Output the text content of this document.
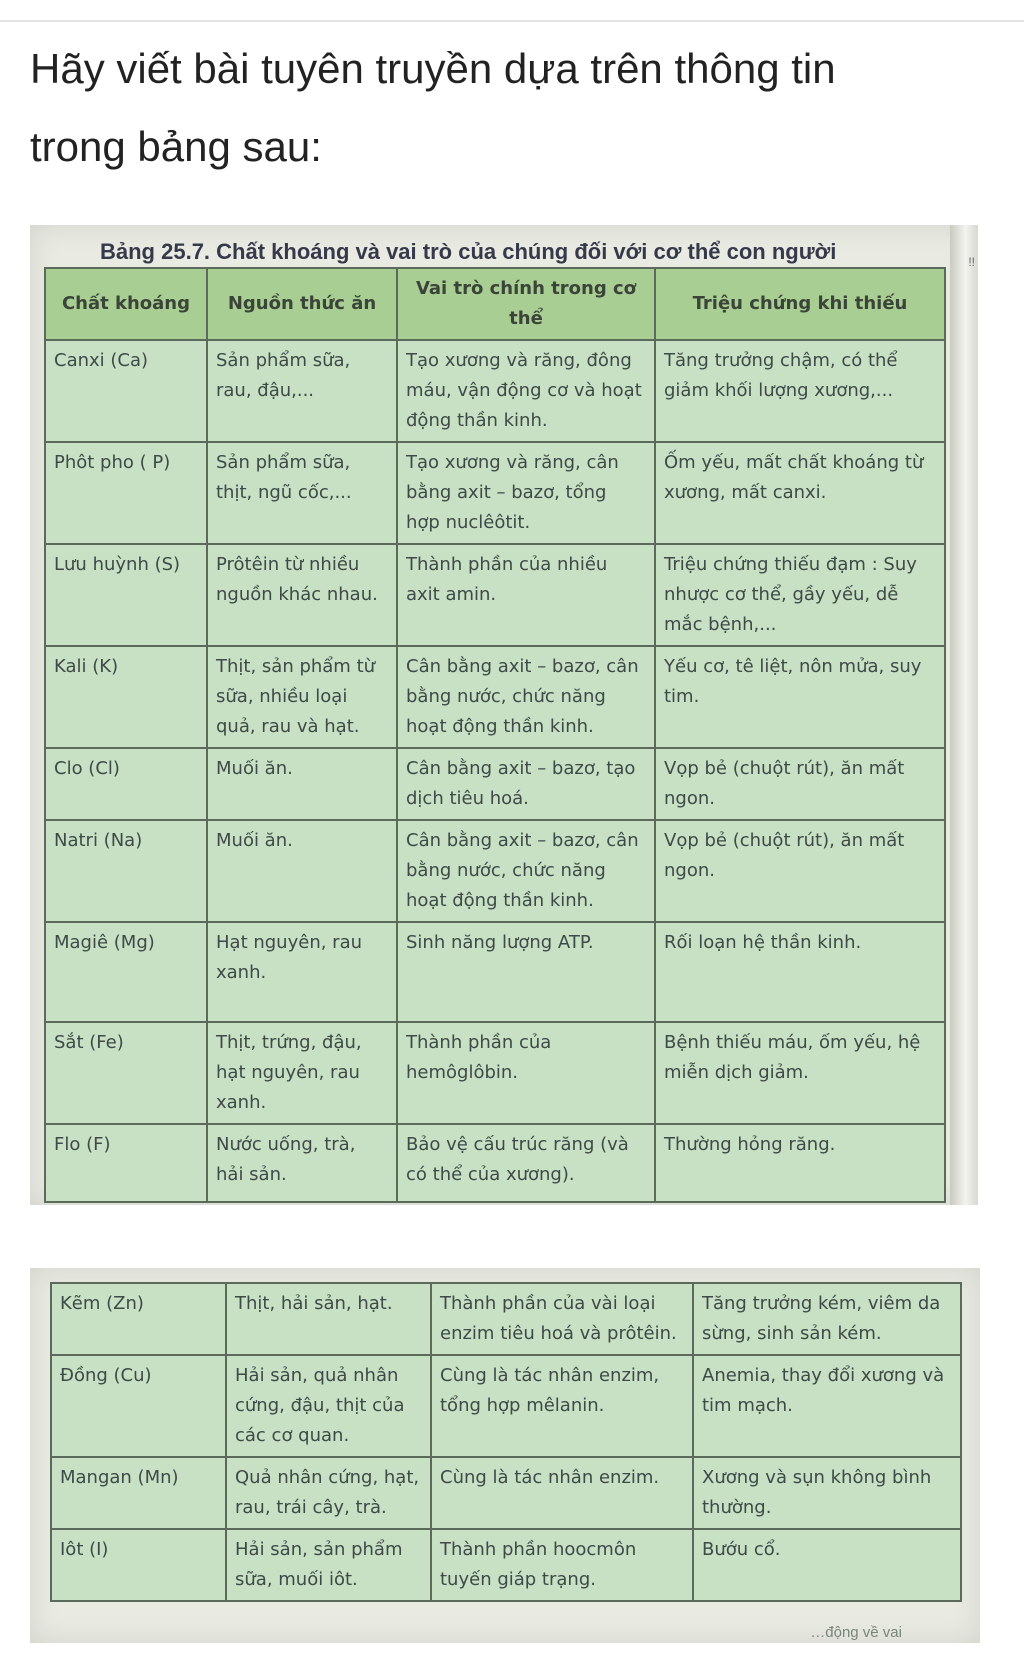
Hãy viết bài tuyên truyền dựa trên thông tin
trong bảng sau:
!!
Bảng 25.7. Chất khoáng và vai trò của chúng đối với cơ thể con người
Chất khoáng	Nguồn thức ăn	Vai trò chính trong cơ thể	Triệu chứng khi thiếu
Canxi (Ca)	Sản phẩm sữa, rau, đậu,...	Tạo xương và răng, đông máu, vận động cơ và hoạt động thần kinh.	Tăng trưởng chậm, có thể giảm khối lượng xương,...
Phôt pho ( P)	Sản phẩm sữa, thịt, ngũ cốc,...	Tạo xương và răng, cân bằng axit – bazơ, tổng hợp nuclêôtit.	Ốm yếu, mất chất khoáng từ xương, mất canxi.
Lưu huỳnh (S)	Prôtêin từ nhiều nguồn khác nhau.	Thành phần của nhiều axit amin.	Triệu chứng thiếu đạm : Suy nhược cơ thể, gầy yếu, dễ mắc bệnh,...
Kali (K)	Thịt, sản phẩm từ sữa, nhiều loại quả, rau và hạt.	Cân bằng axit – bazơ, cân bằng nước, chức năng hoạt động thần kinh.	Yếu cơ, tê liệt, nôn mửa, suy tim.
Clo (Cl)	Muối ăn.	Cân bằng axit – bazơ, tạo dịch tiêu hoá.	Vọp bẻ (chuột rút), ăn mất ngon.
Natri (Na)	Muối ăn.	Cân bằng axit – bazơ, cân bằng nước, chức năng hoạt động thần kinh.	Vọp bẻ (chuột rút), ăn mất ngon.
Magiê (Mg)	Hạt nguyên, rau xanh.	Sinh năng lượng ATP.	Rối loạn hệ thần kinh.
Sắt (Fe)	Thịt, trứng, đậu, hạt nguyên, rau xanh.	Thành phần của hemôglôbin.	Bệnh thiếu máu, ốm yếu, hệ miễn dịch giảm.
Flo (F)	Nước uống, trà, hải sản.	Bảo vệ cấu trúc răng (và có thể của xương).	Thường hỏng răng.
Kẽm (Zn)	Thịt, hải sản, hạt.	Thành phần của vài loại enzim tiêu hoá và prôtêin.	Tăng trưởng kém, viêm da sừng, sinh sản kém.
Đồng (Cu)	Hải sản, quả nhân cứng, đậu, thịt của các cơ quan.	Cùng là tác nhân enzim, tổng hợp mêlanin.	Anemia, thay đổi xương và tim mạch.
Mangan (Mn)	Quả nhân cứng, hạt, rau, trái cây, trà.	Cùng là tác nhân enzim.	Xương và sụn không bình thường.
Iôt (I)	Hải sản, sản phẩm sữa, muối iôt.	Thành phần hoocmôn tuyến giáp trạng.	Bướu cổ.
…động về vai
